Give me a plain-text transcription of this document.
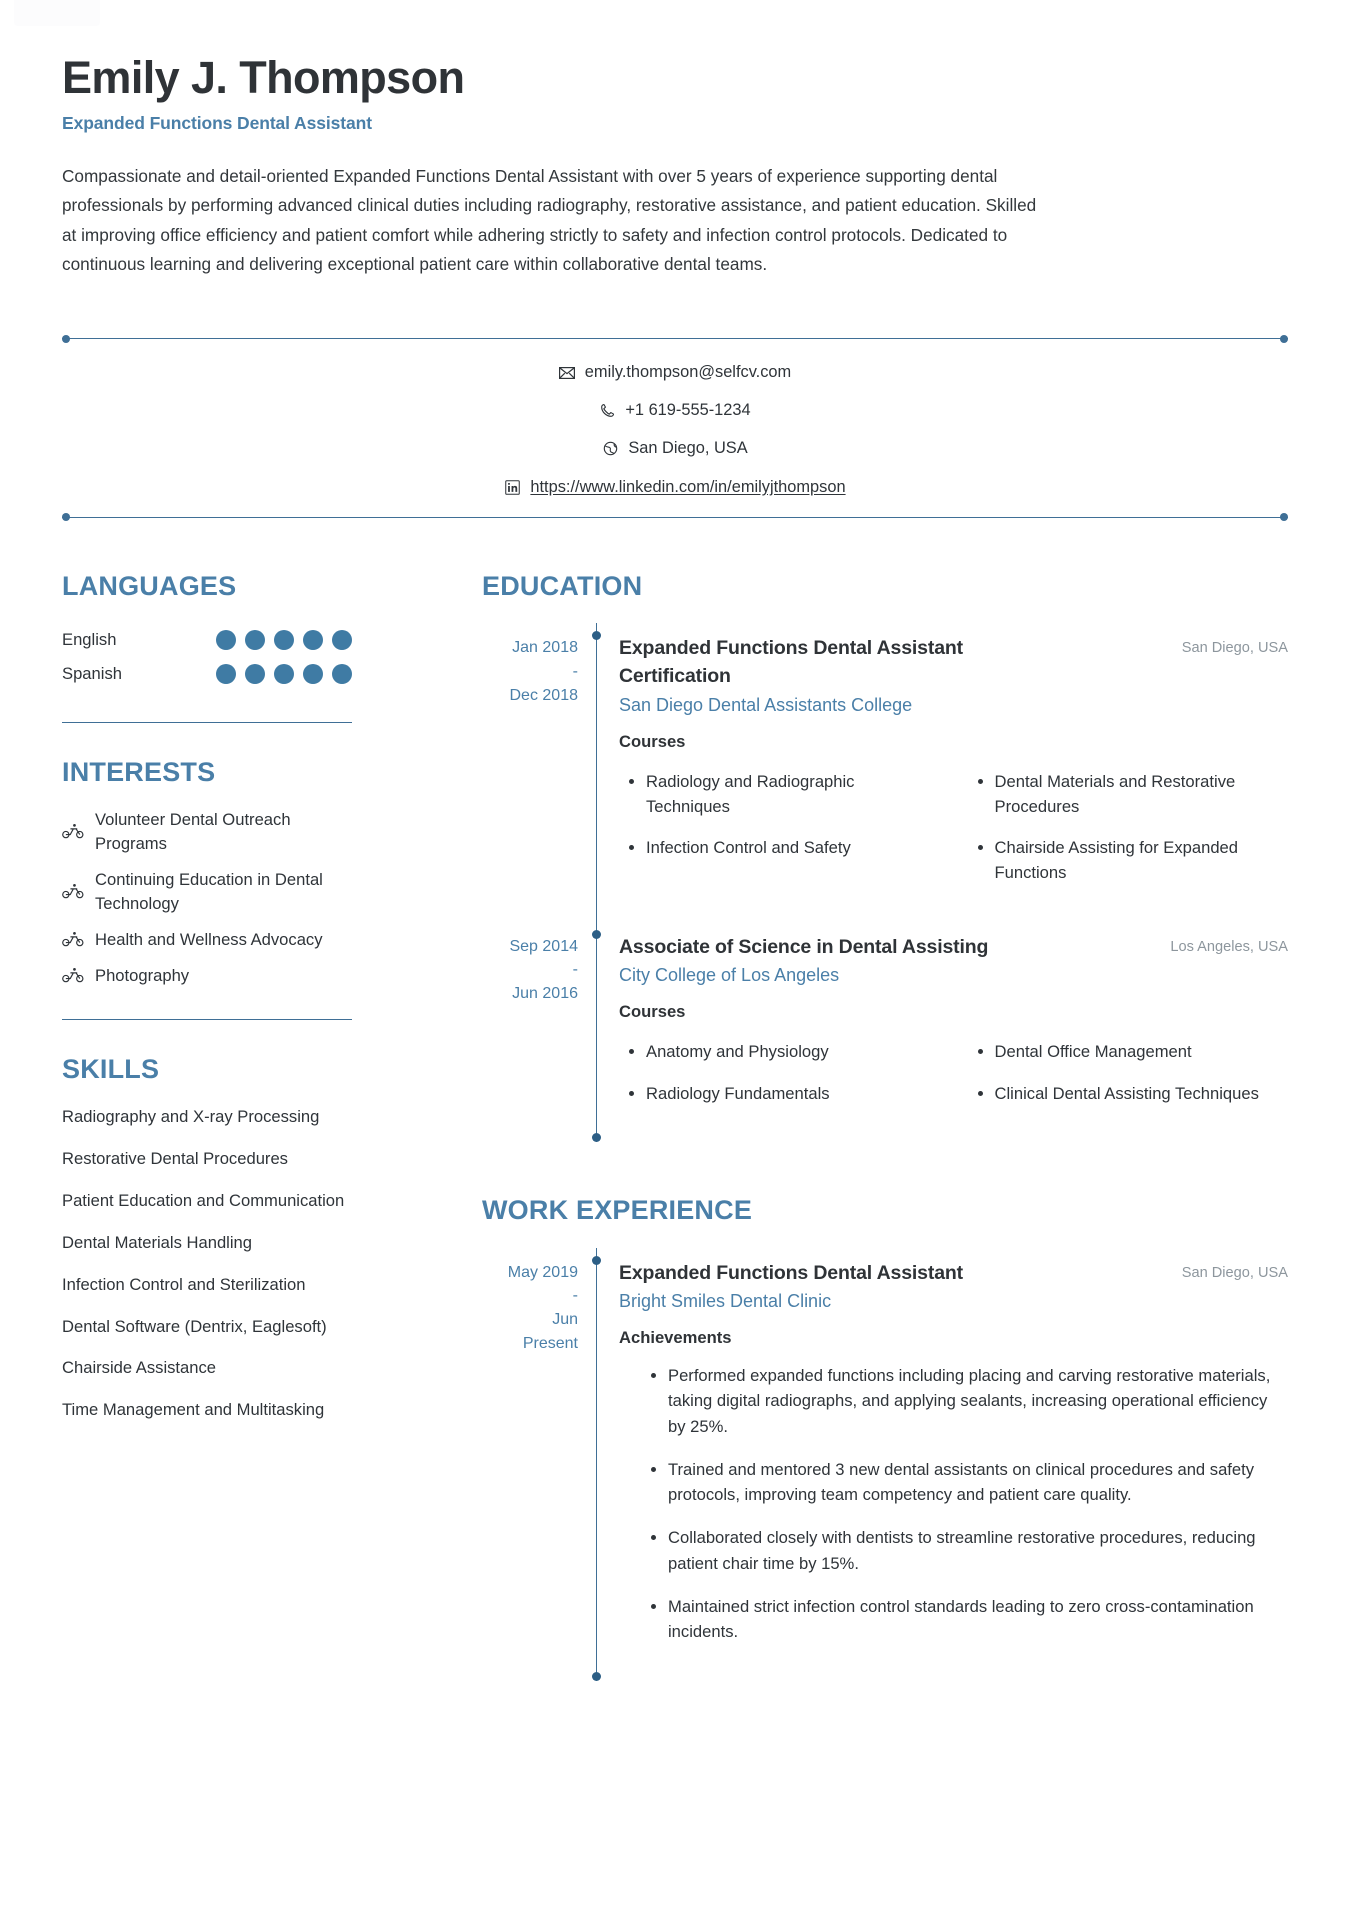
Emily J. Thompson
Expanded Functions Dental Assistant

Compassionate and detail-oriented Expanded Functions Dental Assistant with over 5 years of experience supporting dental professionals by performing advanced clinical duties including radiography, restorative assistance, and patient education. Skilled at improving office efficiency and patient comfort while adhering strictly to safety and infection control protocols. Dedicated to continuous learning and delivering exceptional patient care within collaborative dental teams.

emily.thompson@selfcv.com
+1 619-555-1234
San Diego, USA
https://www.linkedin.com/in/emilyjthompson
LANGUAGES
English
Spanish
INTERESTS
Volunteer Dental Outreach Programs
Continuing Education in Dental Technology
Health and Wellness Advocacy
Photography
SKILLS
Radiography and X-ray Processing
Restorative Dental Procedures
Patient Education and Communication
Dental Materials Handling
Infection Control and Sterilization
Dental Software (Dentrix, Eaglesoft)
Chairside Assistance
Time Management and Multitasking
EDUCATION
Jan 2018
-
Dec 2018
Expanded Functions Dental Assistant Certification
San Diego, USA
San Diego Dental Assistants College
Courses
Radiology and Radiographic Techniques
Dental Materials and Restorative Procedures
Infection Control and Safety	Chairside Assisting for Expanded Functions
Sep 2014
-
Jun 2016
Associate of Science in Dental Assisting	Los Angeles, USA
City College of Los Angeles
Courses
Anatomy and Physiology	Dental Office Management
Radiology Fundamentals	Clinical Dental Assisting Techniques
WORK EXPERIENCE
May 2019
-
Jun
Present
Expanded Functions Dental Assistant	San Diego, USA
Bright Smiles Dental Clinic
Achievements
Performed expanded functions including placing and carving restorative materials, taking digital radiographs, and applying sealants, increasing operational efficiency by 25%.
Trained and mentored 3 new dental assistants on clinical procedures and safety protocols, improving team competency and patient care quality.
Collaborated closely with dentists to streamline restorative procedures, reducing patient chair time by 15%.
Maintained strict infection control standards leading to zero cross-contamination incidents.
